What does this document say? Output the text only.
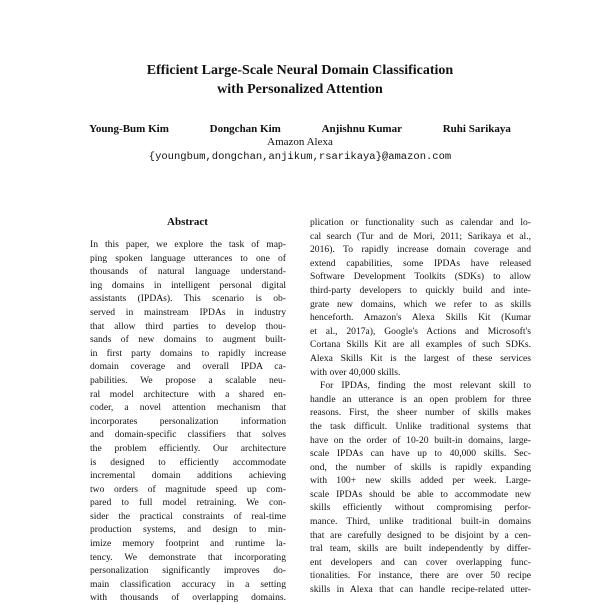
Efficient Large-Scale Neural Domain Classification
with Personalized Attention
Young-Bum Kim	Dongchan Kim	Anjishnu Kumar	Ruhi Sarikaya
Amazon Alexa
{youngbum,dongchan,anjikum,rsarikaya}@amazon.com
Abstract
In this paper, we explore the task of map-
ping spoken language utterances to one of
thousands of natural language understand-
ing domains in intelligent personal digital
assistants (IPDAs). This scenario is ob-
served in mainstream IPDAs in industry
that allow third parties to develop thou-
sands of new domains to augment built-
in first party domains to rapidly increase
domain coverage and overall IPDA ca-
pabilities. We propose a scalable neu-
ral model architecture with a shared en-
coder, a novel attention mechanism that
incorporates personalization information
and domain-specific classifiers that solves
the problem efficiently. Our architecture
is designed to efficiently accommodate
incremental domain additions achieving
two orders of magnitude speed up com-
pared to full model retraining. We con-
sider the practical constraints of real-time
production systems, and design to min-
imize memory footprint and runtime la-
tency. We demonstrate that incorporating
personalization significantly improves do-
main classification accuracy in a setting
with thousands of overlapping domains.
plication or functionality such as calendar and lo-
cal search (Tur and de Mori, 2011; Sarikaya et al.,
2016). To rapidly increase domain coverage and
extend capabilities, some IPDAs have released
Software Development Toolkits (SDKs) to allow
third-party developers to quickly build and inte-
grate new domains, which we refer to as skills
henceforth. Amazon's Alexa Skills Kit (Kumar
et al., 2017a), Google's Actions and Microsoft's
Cortana Skills Kit are all examples of such SDKs.
Alexa Skills Kit is the largest of these services
with over 40,000 skills.
For IPDAs, finding the most relevant skill to
handle an utterance is an open problem for three
reasons. First, the sheer number of skills makes
the task difficult. Unlike traditional systems that
have on the order of 10-20 built-in domains, large-
scale IPDAs can have up to 40,000 skills. Sec-
ond, the number of skills is rapidly expanding
with 100+ new skills added per week. Large-
scale IPDAs should be able to accommodate new
skills efficiently without compromising perfor-
mance. Third, unlike traditional built-in domains
that are carefully designed to be disjoint by a cen-
tral team, skills are built independently by differ-
ent developers and can cover overlapping func-
tionalities. For instance, there are over 50 recipe
skills in Alexa that can handle recipe-related utter-
